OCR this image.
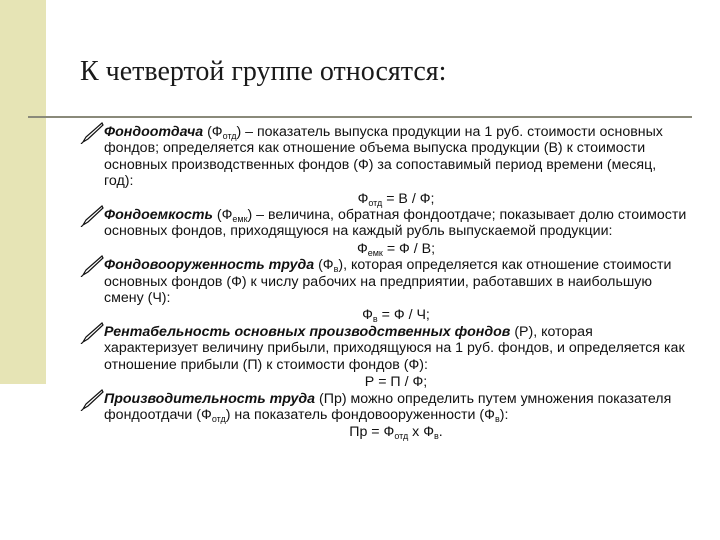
К четвертой группе относятся:
Фондоотдача $(Ф_{отд})$ – показатель выпуска продукции на 1 руб. стоимости основных фондов; определяется как отношение объема выпуска продукции (В) к стоимости основных производственных фондов (Ф) за сопоставимый период времени (месяц, год):
$Ф_{отд} = В / Ф$;
Фондоемкость $(Ф_{емк})$ – величина, обратная фондоотдаче; показывает долю стоимости основных фондов, приходящуюся на каждый рубль выпускаемой продукции:
$Ф_{емк} = Ф / В$;
Фондовооруженность труда $(Ф_в)$, которая определяется как отношение стоимости основных фондов (Ф) к числу рабочих на предприятии, работавших в наибольшую смену (Ч):
$Ф_в = Ф / Ч$;
Рентабельность основных производственных фондов (Р), которая характеризует величину прибыли, приходящуюся на 1 руб. фондов, и определяется как отношение прибыли (П) к стоимости фондов (Ф):
Р = П / Ф;
Производительность труда (Пр) можно определить путем умножения показателя фондоотдачи $(Ф_{отд})$ на показатель фондовооруженности $(Ф_в)$:
Пр = $Ф_{отд}$ х $Ф_в$.
